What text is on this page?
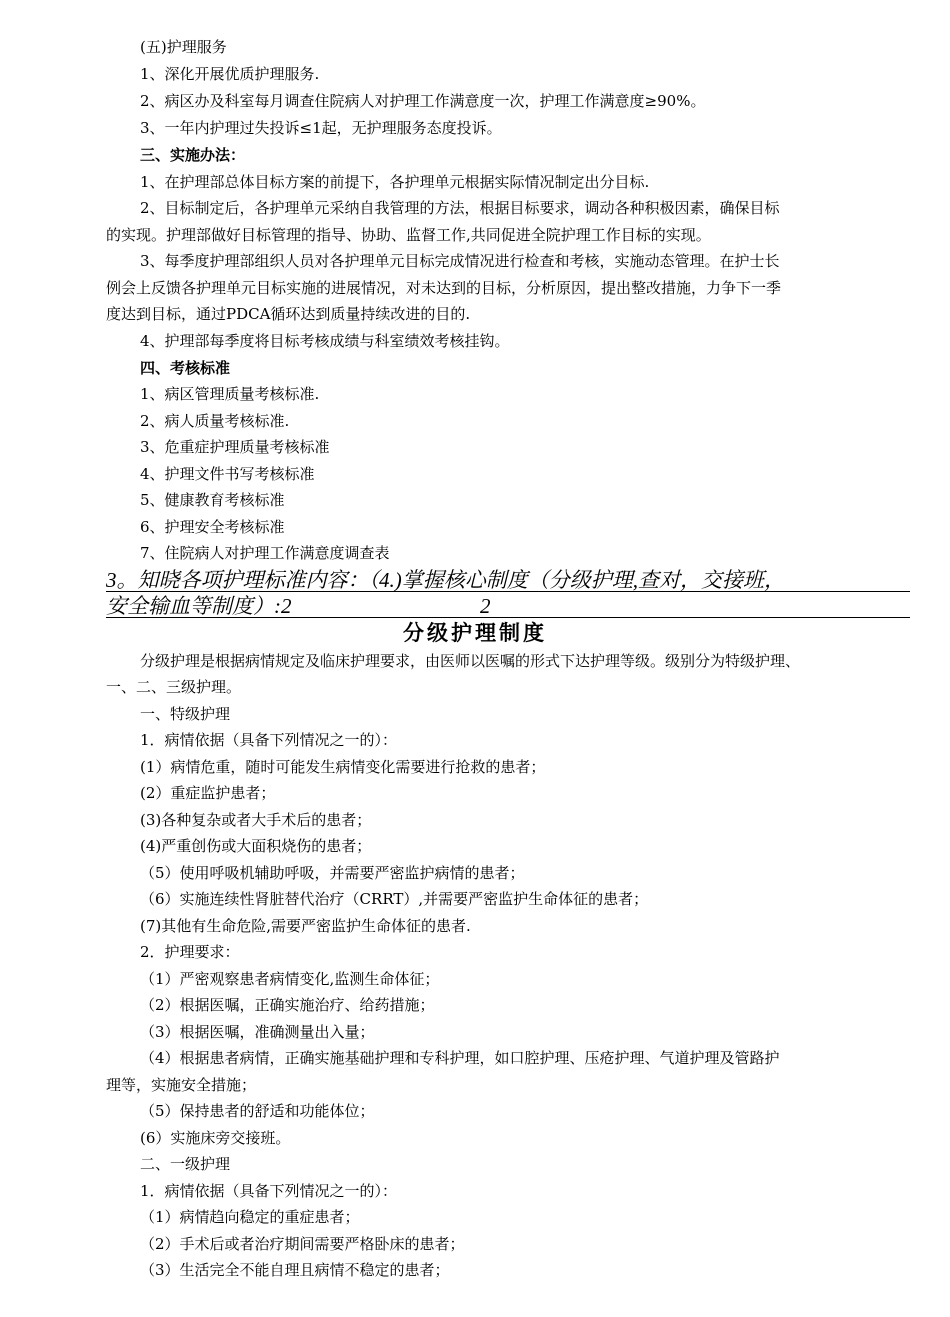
(五)护理服务
1、深化开展优质护理服务.
2、病区办及科室每月调查住院病人对护理工作满意度一次，护理工作满意度≥90%。
3、一年内护理过失投诉≤1起，无护理服务态度投诉。
三、实施办法：
1、在护理部总体目标方案的前提下，各护理单元根据实际情况制定出分目标.
2、目标制定后，各护理单元采纳自我管理的方法，根据目标要求，调动各种积极因素，确保目标
的实现。护理部做好目标管理的指导、协助、监督工作,共同促进全院护理工作目标的实现。
3、每季度护理部组织人员对各护理单元目标完成情况进行检查和考核，实施动态管理。在护士长
例会上反馈各护理单元目标实施的进展情况，对未达到的目标，分析原因，提出整改措施，力争下一季
度达到目标，通过PDCA循环达到质量持续改进的目的.
4、护理部每季度将目标考核成绩与科室绩效考核挂钩。
四、考核标准
1、病区管理质量考核标准.
2、病人质量考核标准.
3、危重症护理质量考核标准
4、护理文件书写考核标准
5、健康教育考核标准
6、护理安全考核标准
7、住院病人对护理工作满意度调查表
3。知晓各项护理标准内容：（4.)掌握核心制度（分级护理,查对，交接班，
安全输血等制度）:2	2
分级护理制度
分级护理是根据病情规定及临床护理要求，由医师以医嘱的形式下达护理等级。级别分为特级护理、
一、二、三级护理。
一、特级护理
1．病情依据（具备下列情况之一的）：
(1）病情危重，随时可能发生病情变化需要进行抢救的患者；
(2）重症监护患者；
(3)各种复杂或者大手术后的患者；
(4)严重创伤或大面积烧伤的患者；
（5）使用呼吸机辅助呼吸，并需要严密监护病情的患者；
（6）实施连续性肾脏替代治疗（CRRT）,并需要严密监护生命体征的患者；
(7)其他有生命危险,需要严密监护生命体征的患者.
2．护理要求：
（1）严密观察患者病情变化,监测生命体征；
（2）根据医嘱，正确实施治疗、给药措施；
（3）根据医嘱，准确测量出入量；
（4）根据患者病情，正确实施基础护理和专科护理，如口腔护理、压疮护理、气道护理及管路护
理等，实施安全措施；
（5）保持患者的舒适和功能体位；
(6）实施床旁交接班。
二、一级护理
1．病情依据（具备下列情况之一的）：
（1）病情趋向稳定的重症患者；
（2）手术后或者治疗期间需要严格卧床的患者；
（3）生活完全不能自理且病情不稳定的患者；
